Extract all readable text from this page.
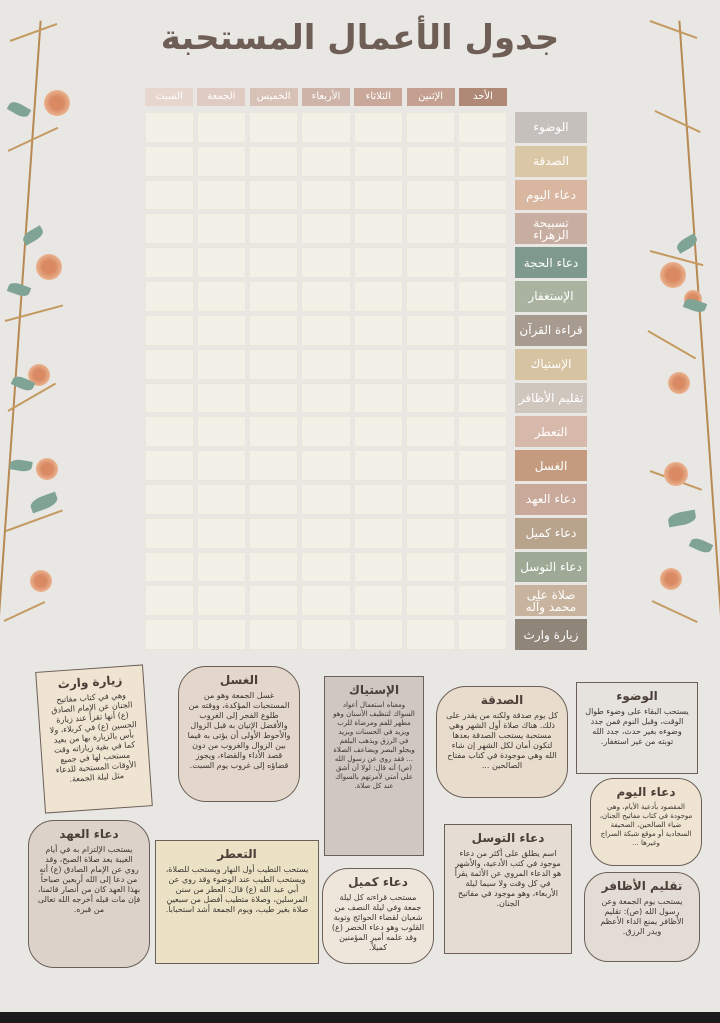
جدول الأعمال المستحبة
الأحد
الإثنين
الثلاثاء
الأربعاء
الخميس
الجمعة
السبت
الوضوء
الصدقة
دعاء اليوم
تسبيحة الزهراء
دعاء الحجة
الإستغفار
قراءة القرآن
الإستياك
تقليم الأظافر
التعطر
الغسل
دعاء العهد
دعاء كميل
دعاء التوسل
صلاة على محمد وآله
زيارة وارث
زيارة وارث
وهي في كتاب مفاتيح الجنان عن الإمام الصادق (ع) أنها تقرأ عند زيارة الحسين (ع) في كربلاء، ولا بأس بالزيارة بها من بعيد كما في بقية زياراته وقت مستحب لها في جميع الأوقات المستحبة للدعاء مثل ليلة الجمعة.
الغسل
غسل الجمعة وهو من المستحبات المؤكدة، ووقته من طلوع الفجر إلى الغروب والأفضل الإتيان به قبل الزوال والأحوط الأولى أن يؤتى به فيما بين الزوال والغروب من دون قصد الأداء والقضاء، ويجوز قضاؤه إلى غروب يوم السبت.
الإستياك
ومعناه استعمال أعواد السواك لتنظيف الأسنان وهو مطهر للفم ومرضاة للرب ويزيد في الحسنات ويزيد في الرزق ويذهب البلغم ويجلو البصر ويضاعف الصلاة ... فقد روي عن رسول الله (ص) أنه قال: لولا أن أشق على أمتي لأمرتهم بالسواك عند كل صلاة.
الصدقة
كل يوم صدقة ولكنه من يقدر على ذلك. هناك صلاة أول الشهر وهي مستحبة يستحب الصدقة بعدها لتكون أمان لكل الشهر إن شاء الله وهي موجودة في كتاب مفتاح الصالحين ...
الوضوء
يستحب البقاء على وضوء طوال الوقت، وقبل النوم فمن جدد وضوءه بغير حدث، جدد الله توبته من غير استغفار.
دعاء اليوم
المقصود بأدعية الأيام، وهي موجودة في كتاب مفاتيح الجنان، ضياء الصالحين، الصحيفة السجادية أو موقع شبكة السراج وغيرها ...
دعاء العهد
يستحب الإلتزام به في أيام الغيبة بعد صلاة الصبح، وقد روي عن الإمام الصادق (ع) أنه من دعا إلى الله أربعين صباحاً بهذا العهد كان من أنصار قائمنا، فإن مات قبله أخرجه الله تعالى من قبره.
التعطر
يستحب التطيب أول النهار ويستحب للصلاة، ويستحب الطيب عند الوضوء وقد روي عن أبي عبد الله (ع) قال: العطر من سنن المرسلين، وصلاة متطيب أفضل من سبعين صلاة بغير طيب، ويوم الجمعة أشد استحباباً.
دعاء كميل
مستحب قراءته كل ليلة جمعة وفي ليلة النصف من شعبان لقضاء الحوائج وتوبة القلوب وهو دعاء الخضر (ع) وقد علمه أمير المؤمنين كميلاً.
دعاء التوسل
اسم يطلق على أكثر من دعاء موجود في كتب الأدعية، والأشهر هو الدعاء المروي عن الأئمة يقرأ في كل وقت ولا سيما ليلة الأربعاء، وهو موجود في مفاتيح الجنان.
تقليم الأظافر
يستحب يوم الجمعة وعن رسول الله (ص): تقليم الأظافر يمنع الداء الأعظم ويدر الرزق.
